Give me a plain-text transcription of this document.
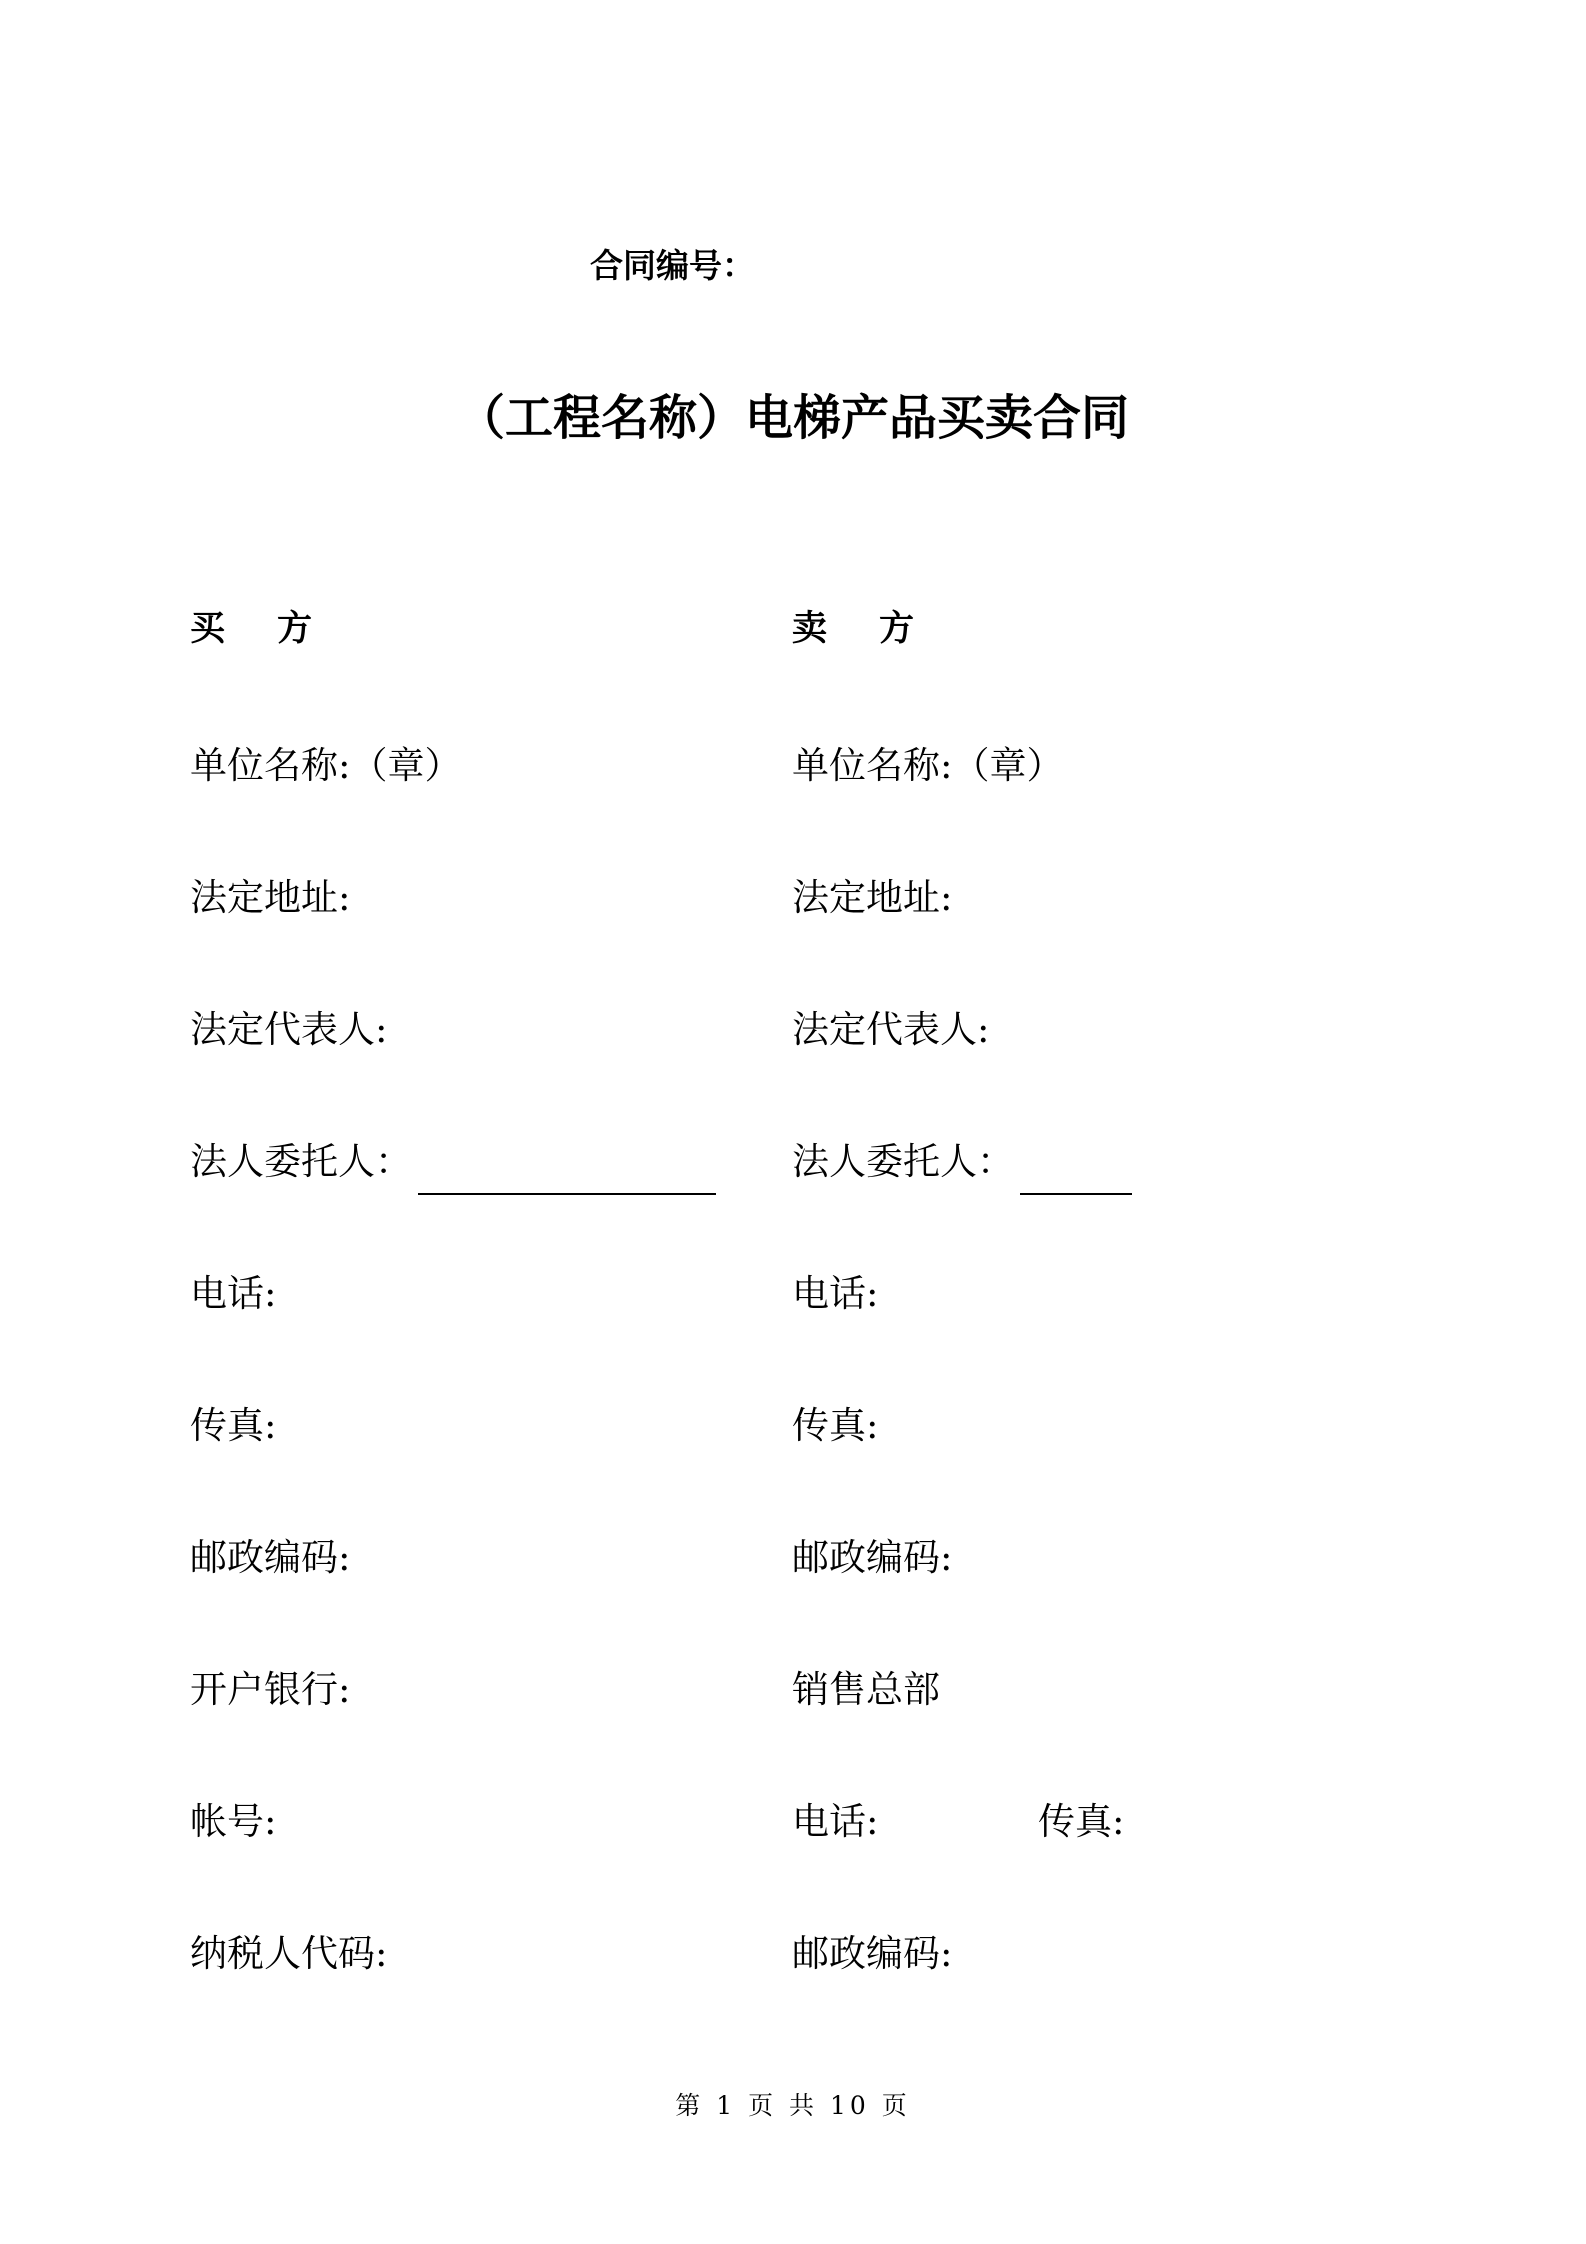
合同编号：
（工程名称）电梯产品买卖合同
买方	卖方
单位名称:（章）
法定地址:
法定代表人:
法人委托人：
电话:
传真:
邮政编码:
开户银行:
帐号:
纳税人代码:
单位名称:（章）
法定地址:
法定代表人:
法人委托人：
电话:
传真:
邮政编码:
销售总部
电话:	传真:
邮政编码:
第 1 页 共 10 页
